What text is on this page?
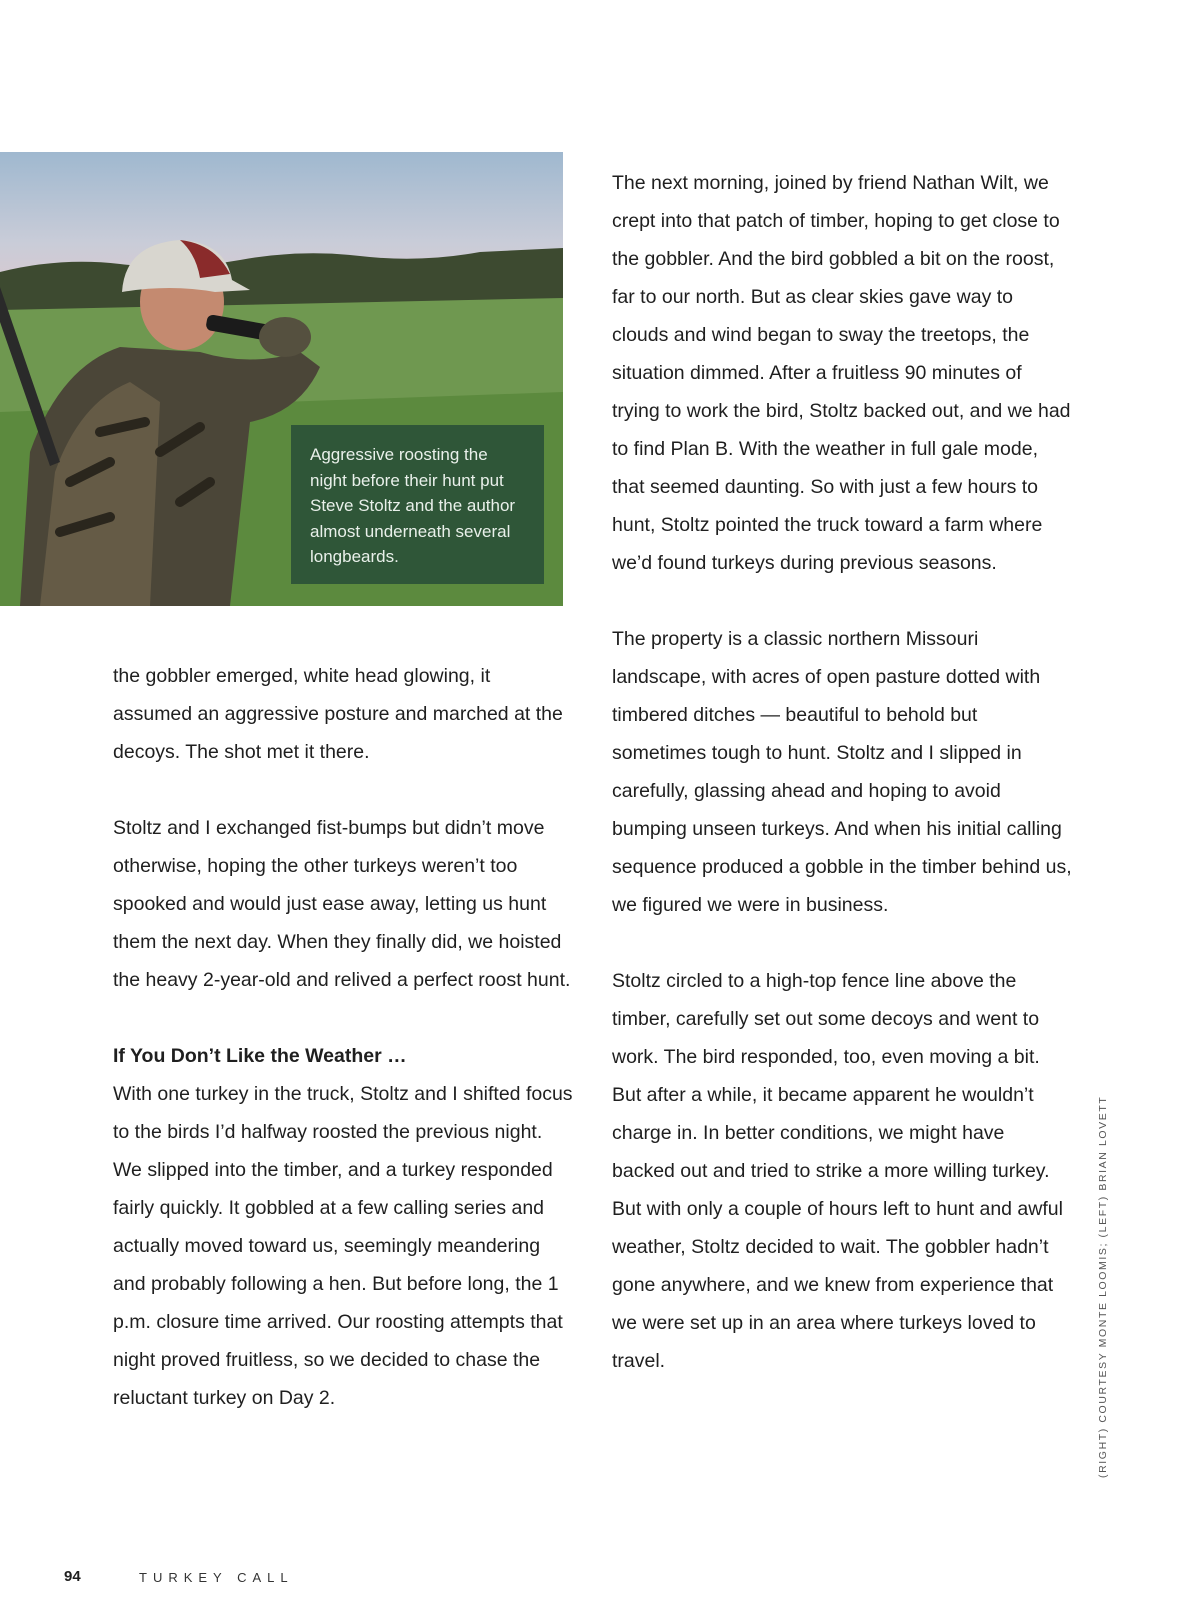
Aggressive roosting the night before their hunt put Steve Stoltz and the author almost underneath several longbeards.

the gobbler emerged, white head glowing, it assumed an aggressive posture and marched at the decoys. The shot met it there.

Stoltz and I exchanged fist-bumps but didn’t move otherwise, hoping the other turkeys weren’t too spooked and would just ease away, letting us hunt them the next day. When they finally did, we hoisted the heavy 2-year-old and relived a perfect roost hunt.

If You Don’t Like the Weather …

With one turkey in the truck, Stoltz and I shifted focus to the birds I’d halfway roosted the previous night. We slipped into the timber, and a turkey responded fairly quickly. It gobbled at a few calling series and actually moved toward us, seemingly meandering and probably following a hen. But before long, the 1 p.m. closure time arrived. Our roosting attempts that night proved fruitless, so we decided to chase the reluctant turkey on Day 2.

The next morning, joined by friend Nathan Wilt, we crept into that patch of timber, hoping to get close to the gobbler. And the bird gobbled a bit on the roost, far to our north. But as clear skies gave way to clouds and wind began to sway the treetops, the situation dimmed. After a fruitless 90 minutes of trying to work the bird, Stoltz backed out, and we had to find Plan B. With the weather in full gale mode, that seemed daunting. So with just a few hours to hunt, Stoltz pointed the truck toward a farm where we’d found turkeys during previous seasons.

The property is a classic northern Missouri landscape, with acres of open pasture dotted with timbered ditches — beautiful to behold but sometimes tough to hunt. Stoltz and I slipped in carefully, glassing ahead and hoping to avoid bumping unseen turkeys. And when his initial calling sequence produced a gobble in the timber behind us, we figured we were in business.

Stoltz circled to a high-top fence line above the timber, carefully set out some decoys and went to work. The bird responded, too, even moving a bit. But after a while, it became apparent he wouldn’t charge in. In better conditions, we might have backed out and tried to strike a more willing turkey. But with only a couple of hours left to hunt and awful weather, Stoltz decided to wait. The gobbler hadn’t gone anywhere, and we knew from experience that we were set up in an area where turkeys loved to travel.	(RIGHT) COURTESY MONTE LOOMIS; (LEFT) BRIAN LOVETT
94	TURKEY CALL
